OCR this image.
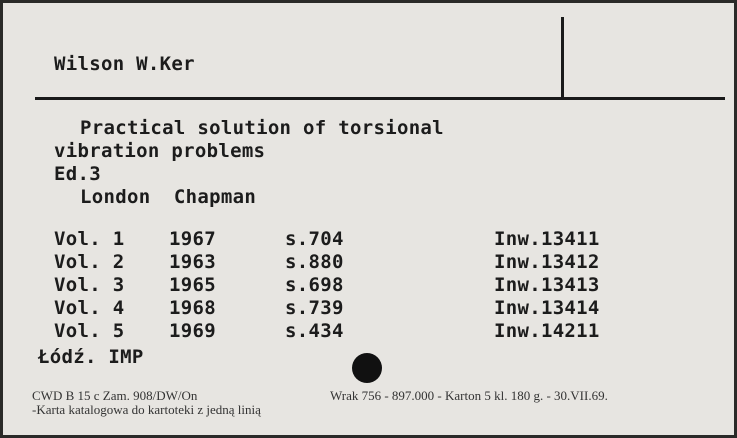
Wilson W.Ker
Practical solution of torsional
vibration problems
Ed.3
London  Chapman
Vol. 1 1967	s.704	Inw.13411
Vol. 2 1963	s.880	Inw.13412
Vol. 3 1965	s.698	Inw.13413
Vol. 4 1968	s.739	Inw.13414
Vol. 5 1969	s.434	Inw.14211
Łódź. IMP
CWD B 15 c Zam. 908/DW/On	Wrak 756 - 897.000 - Karton 5 kl. 180 g. - 30.VII.69.
-Karta katalogowa do kartoteki z jedną linią
